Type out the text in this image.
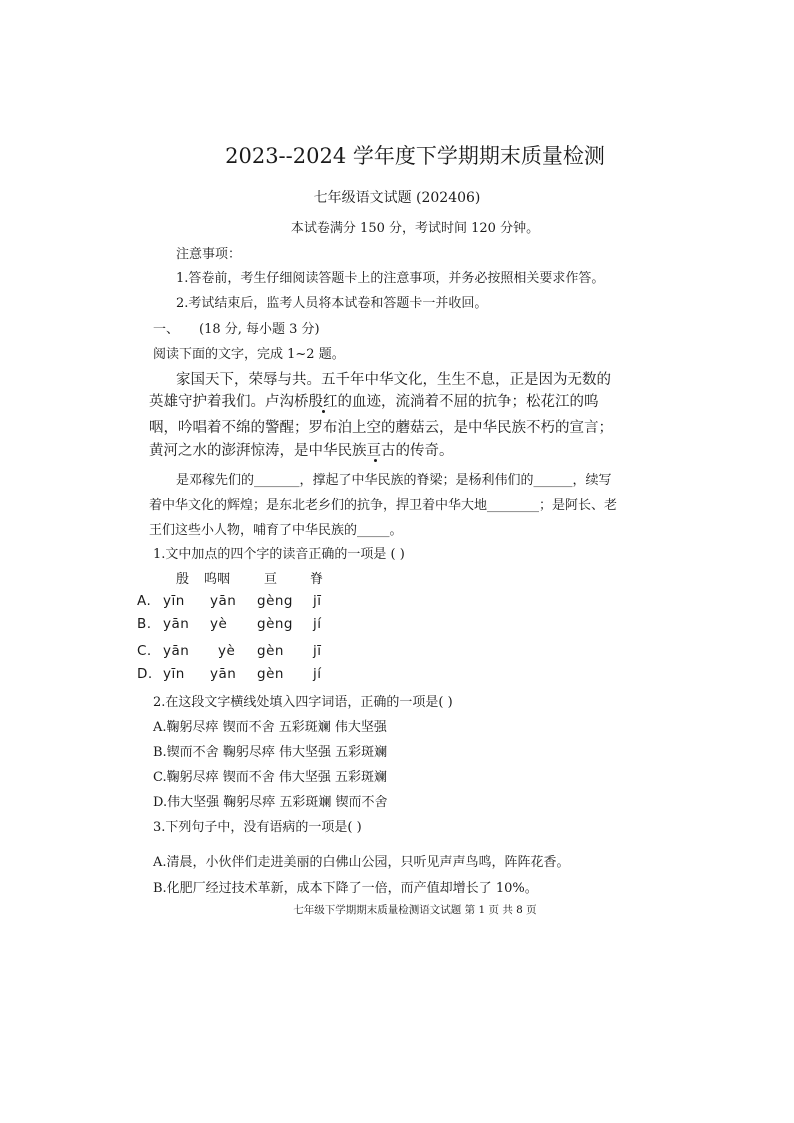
2023--2024 学年度下学期期末质量检测
七年级语文试题 (202406)
本试卷满分 150 分，考试时间 120 分钟。
注意事项：
1.答卷前，考生仔细阅读答题卡上的注意事项，并务必按照相关要求作答。
2.考试结束后，监考人员将本试卷和答题卡一并收回。
一、 (18 分, 每小题 3 分)
阅读下面的文字，完成 1~2 题。
家国天下，荣辱与共。五千年中华文化，生生不息，正是因为无数的
英雄守护着我们。卢沟桥殷红的血迹，流淌着不屈的抗争；松花江的呜
咽，吟唱着不绵的警醒；罗布泊上空的蘑菇云，是中华民族不朽的宣言；
黄河之水的澎湃惊涛，是中华民族亘古的传奇。
是邓稼先们的_______，撑起了中华民族的脊梁；是杨利伟们的______，续写
着中华文化的辉煌；是东北老乡们的抗争，捍卫着中华大地________；是阿长、老
王们这些小人物，哺育了中华民族的_____。
1.文中加点的四个字的读音正确的一项是 ( )
殷 呜咽	亘	脊
A. yīn yān gèng jī
B. yān yè gèng jí
C. yān yè gèn jī
D. yīn yān gèn jí
2.在这段文字横线处填入四字词语，正确的一项是( )
A.鞠躬尽瘁 锲而不舍 五彩斑斓 伟大坚强
B.锲而不舍 鞠躬尽瘁 伟大坚强 五彩斑斓
C.鞠躬尽瘁 锲而不舍 伟大坚强 五彩斑斓
D.伟大坚强 鞠躬尽瘁 五彩斑斓 锲而不舍
3.下列句子中，没有语病的一项是( )
A.清晨，小伙伴们走进美丽的白佛山公园，只听见声声鸟鸣，阵阵花香。
B.化肥厂经过技术革新，成本下降了一倍，而产值却增长了 10%。
七年级下学期期末质量检测语文试题 第 1 页 共 8 页
